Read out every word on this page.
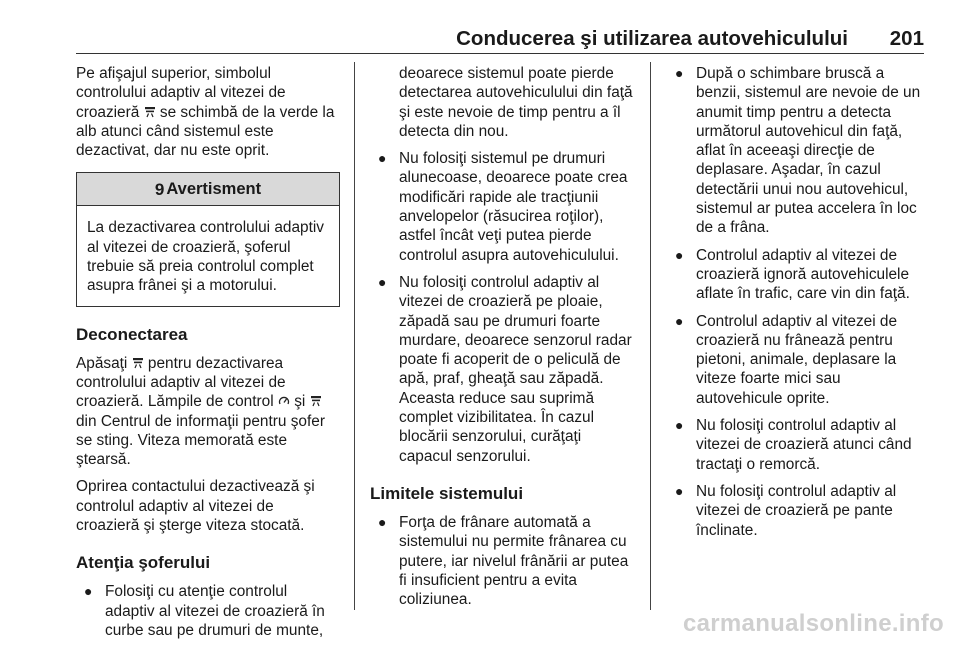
Conducerea şi utilizarea autovehiculului 201

Pe afişajul superior, simbolul controlului adaptiv al vitezei de croazieră se schimbă de la verde la alb atunci când sistemul este dezactivat, dar nu este oprit.

9 Avertisment
La dezactivarea controlului adaptiv al vitezei de croazieră, şoferul trebuie să preia controlul complet asupra frânei şi a motorului.
Deconectarea

Apăsaţi pentru dezactivarea controlului adaptiv al vitezei de croazieră. Lămpile de control şi  din Centrul de informaţii pentru şofer se sting. Viteza memorată este ştearsă.

Oprirea contactului dezactivează şi controlul adaptiv al vitezei de croazieră şi şterge viteza stocată.

Atenţia şoferului
● Folosiţi cu atenţie controlul adaptiv al vitezei de croazieră în curbe sau pe drumuri de munte,
deoarece sistemul poate pierde detectarea autovehiculului din faţă şi este nevoie de timp pentru a îl detecta din nou.
● Nu folosiţi sistemul pe drumuri alunecoase, deoarece poate crea modificări rapide ale tracţiunii anvelopelor (răsucirea roţilor), astfel încât veţi putea pierde controlul asupra autovehiculului.
● Nu folosiţi controlul adaptiv al vitezei de croazieră pe ploaie, zăpadă sau pe drumuri foarte murdare, deoarece senzorul radar poate fi acoperit de o peliculă de apă, praf, gheaţă sau zăpadă. Aceasta reduce sau suprimă complet vizibilitatea. În cazul blocării senzorului, curăţaţi capacul senzorului.
Limitele sistemului
● Forţa de frânare automată a sistemului nu permite frânarea cu putere, iar nivelul frânării ar putea fi insuficient pentru a evita coliziunea.
● După o schimbare bruscă a benzii, sistemul are nevoie de un anumit timp pentru a detecta următorul autovehicul din faţă, aflat în aceeaşi direcţie de deplasare. Aşadar, în cazul detectării unui nou autovehicul, sistemul ar putea accelera în loc de a frâna.
● Controlul adaptiv al vitezei de croazieră ignoră autovehiculele aflate în trafic, care vin din faţă.
● Controlul adaptiv al vitezei de croazieră nu frânează pentru pietoni, animale, deplasare la viteze foarte mici sau autovehicule oprite.
● Nu folosiţi controlul adaptiv al vitezei de croazieră atunci când tractaţi o remorcă.
● Nu folosiţi controlul adaptiv al vitezei de croazieră pe pante înclinate.
carmanualsonline.info
